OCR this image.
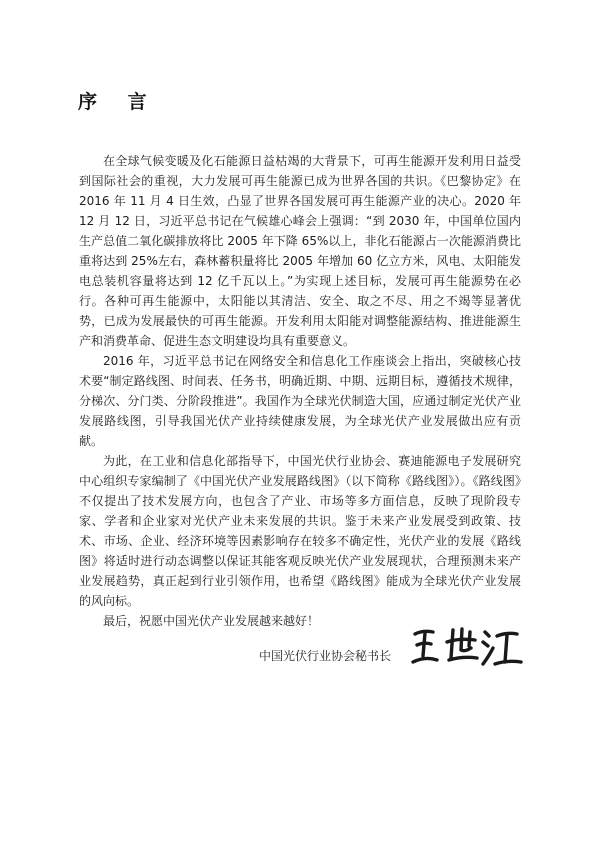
序 言

在全球气候变暖及化石能源日益枯竭的大背景下，可再生能源开发利用日益受到国际社会的重视，大力发展可再生能源已成为世界各国的共识。《巴黎协定》在 2016 年 11 月 4 日生效，凸显了世界各国发展可再生能源产业的决心。2020 年 12 月 12 日，习近平总书记在气候雄心峰会上强调：“到 2030 年，中国单位国内生产总值二氧化碳排放将比 2005 年下降 65%以上，非化石能源占一次能源消费比重将达到 25%左右，森林蓄积量将比 2005 年增加 60 亿立方米，风电、太阳能发电总装机容量将达到 12 亿千瓦以上。”为实现上述目标，发展可再生能源势在必行。各种可再生能源中，太阳能以其清洁、安全、取之不尽、用之不竭等显著优势，已成为发展最快的可再生能源。开发利用太阳能对调整能源结构、推进能源生产和消费革命、促进生态文明建设均具有重要意义。

2016 年，习近平总书记在网络安全和信息化工作座谈会上指出，突破核心技术要“制定路线图、时间表、任务书，明确近期、中期、远期目标，遵循技术规律，分梯次、分门类、分阶段推进”。我国作为全球光伏制造大国，应通过制定光伏产业发展路线图，引导我国光伏产业持续健康发展，为全球光伏产业发展做出应有贡献。

为此，在工业和信息化部指导下，中国光伏行业协会、赛迪能源电子发展研究中心组织专家编制了《中国光伏产业发展路线图》（以下简称《路线图》）。《路线图》不仅提出了技术发展方向，也包含了产业、市场等多方面信息，反映了现阶段专家、学者和企业家对光伏产业未来发展的共识。鉴于未来产业发展受到政策、技术、市场、企业、经济环境等因素影响存在较多不确定性，光伏产业的发展《路线图》将适时进行动态调整以保证其能客观反映光伏产业发展现状，合理预测未来产业发展趋势，真正起到行业引领作用，也希望《路线图》能成为全球光伏产业发展的风向标。

最后，祝愿中国光伏产业发展越来越好！

中国光伏行业协会秘书长
